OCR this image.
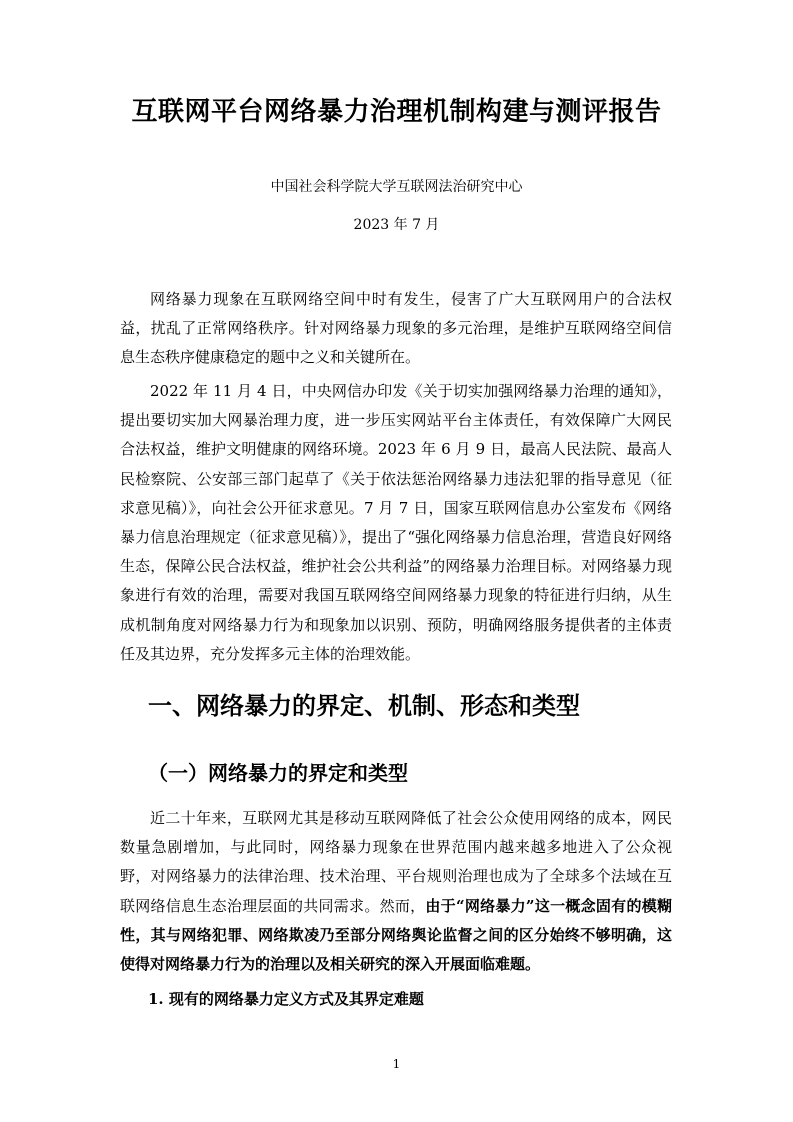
互联网平台网络暴力治理机制构建与测评报告
中国社会科学院大学互联网法治研究中心
2023 年 7 月

网络暴力现象在互联网络空间中时有发生，侵害了广大互联网用户的合法权益，扰乱了正常网络秩序。针对网络暴力现象的多元治理，是维护互联网络空间信息生态秩序健康稳定的题中之义和关键所在。

2022 年 11 月 4 日，中央网信办印发《关于切实加强网络暴力治理的通知》，提出要切实加大网暴治理力度，进一步压实网站平台主体责任，有效保障广大网民合法权益，维护文明健康的网络环境。2023 年 6 月 9 日，最高人民法院、最高人民检察院、公安部三部门起草了《关于依法惩治网络暴力违法犯罪的指导意见（征求意见稿）》，向社会公开征求意见。7 月 7 日，国家互联网信息办公室发布《网络暴力信息治理规定（征求意见稿）》，提出了“强化网络暴力信息治理，营造良好网络生态，保障公民合法权益，维护社会公共利益”的网络暴力治理目标。对网络暴力现象进行有效的治理，需要对我国互联网络空间网络暴力现象的特征进行归纳，从生成机制角度对网络暴力行为和现象加以识别、预防，明确网络服务提供者的主体责任及其边界，充分发挥多元主体的治理效能。

一、网络暴力的界定、机制、形态和类型
（一）网络暴力的界定和类型

近二十年来，互联网尤其是移动互联网降低了社会公众使用网络的成本，网民数量急剧增加，与此同时，网络暴力现象在世界范围内越来越多地进入了公众视野，对网络暴力的法律治理、技术治理、平台规则治理也成为了全球多个法域在互联网络信息生态治理层面的共同需求。然而，由于“网络暴力”这一概念固有的模糊性，其与网络犯罪、网络欺凌乃至部分网络舆论监督之间的区分始终不够明确，这使得对网络暴力行为的治理以及相关研究的深入开展面临难题。

1. 现有的网络暴力定义方式及其界定难题
1
